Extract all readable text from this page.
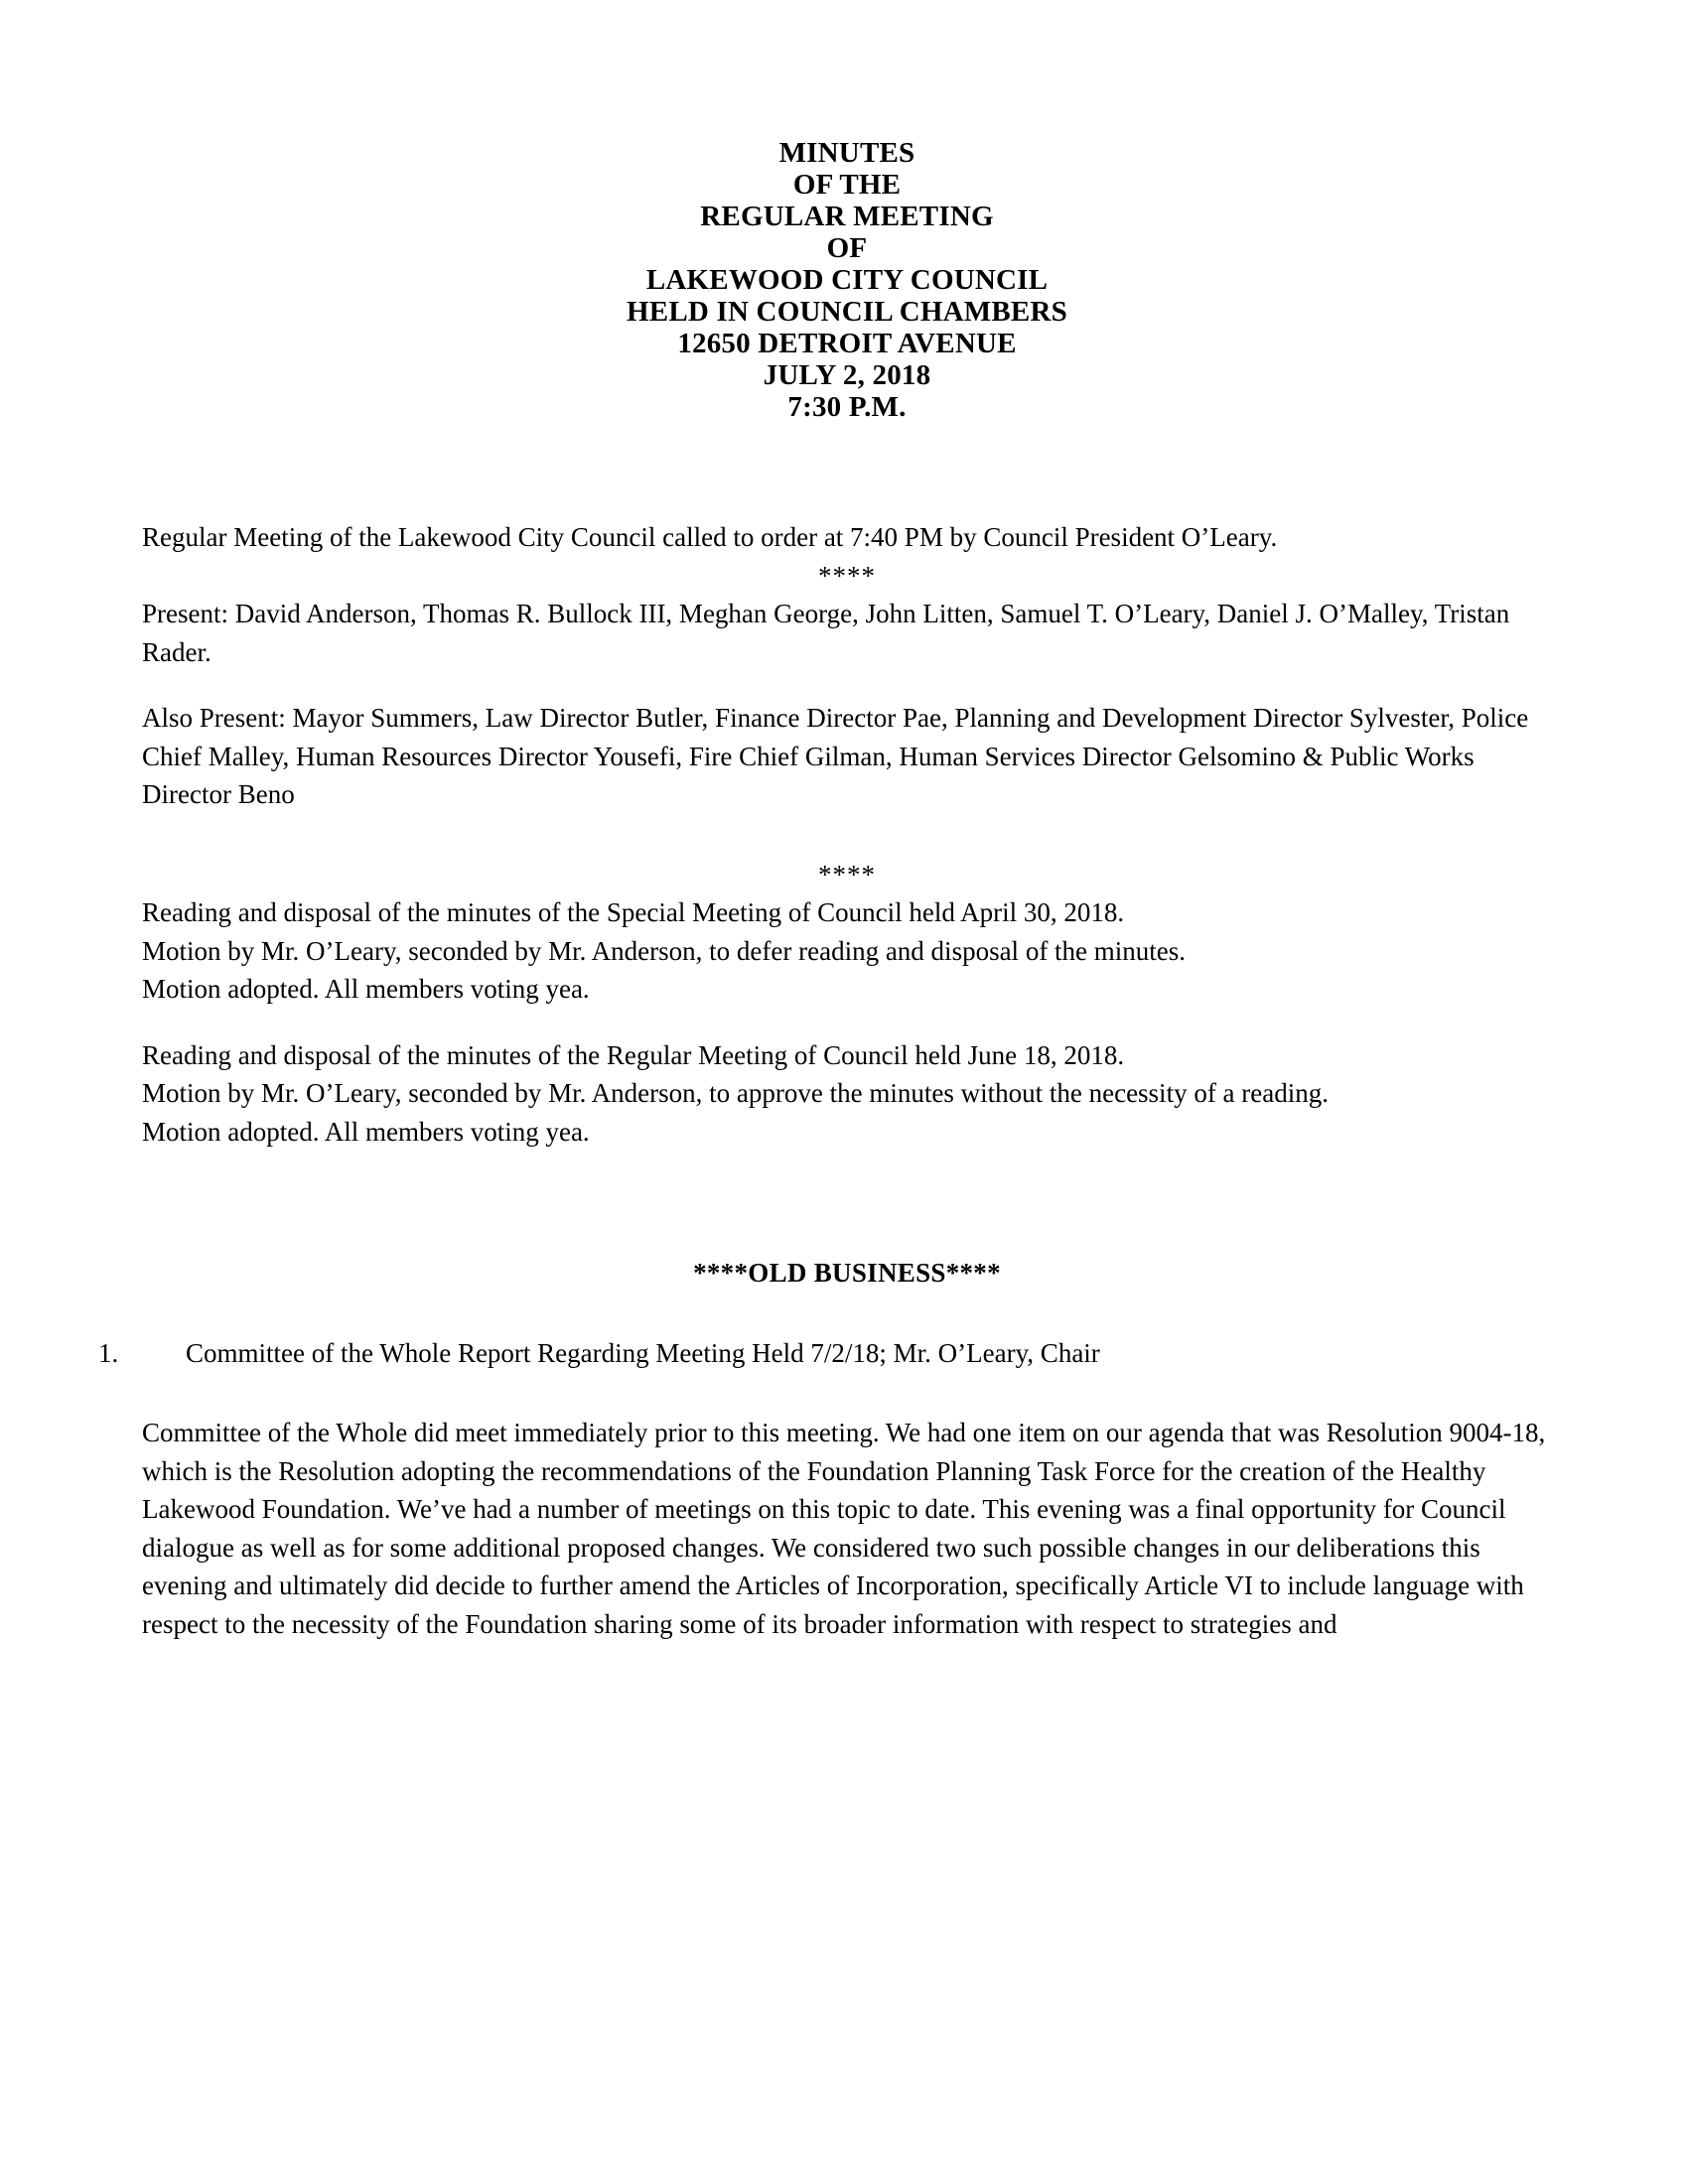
MINUTES
OF THE
REGULAR MEETING
OF
LAKEWOOD CITY COUNCIL
HELD IN COUNCIL CHAMBERS
12650 DETROIT AVENUE
JULY 2, 2018
7:30 P.M.

Regular Meeting of the Lakewood City Council called to order at 7:40 PM by Council President O’Leary.

****

Present: David Anderson, Thomas R. Bullock III, Meghan George, John Litten, Samuel T. O’Leary, Daniel J. O’Malley, Tristan Rader.

Also Present: Mayor Summers, Law Director Butler, Finance Director Pae, Planning and Development Director Sylvester, Police Chief Malley, Human Resources Director Yousefi, Fire Chief Gilman, Human Services Director Gelsomino & Public Works Director Beno

****

Reading and disposal of the minutes of the Special Meeting of Council held April 30, 2018.

Motion by Mr. O’Leary, seconded by Mr. Anderson, to defer reading and disposal of the minutes.

Motion adopted. All members voting yea.

Reading and disposal of the minutes of the Regular Meeting of Council held June 18, 2018.

Motion by Mr. O’Leary, seconded by Mr. Anderson, to approve the minutes without the necessity of a reading.

Motion adopted. All members voting yea.

****OLD BUSINESS****

1.	Committee of the Whole Report Regarding Meeting Held 7/2/18; Mr. O’Leary, Chair

Committee of the Whole did meet immediately prior to this meeting. We had one item on our agenda that was Resolution 9004-18, which is the Resolution adopting the recommendations of the Foundation Planning Task Force for the creation of the Healthy Lakewood Foundation. We’ve had a number of meetings on this topic to date. This evening was a final opportunity for Council dialogue as well as for some additional proposed changes. We considered two such possible changes in our deliberations this evening and ultimately did decide to further amend the Articles of Incorporation, specifically Article VI to include language with respect to the necessity of the Foundation sharing some of its broader information with respect to strategies and
